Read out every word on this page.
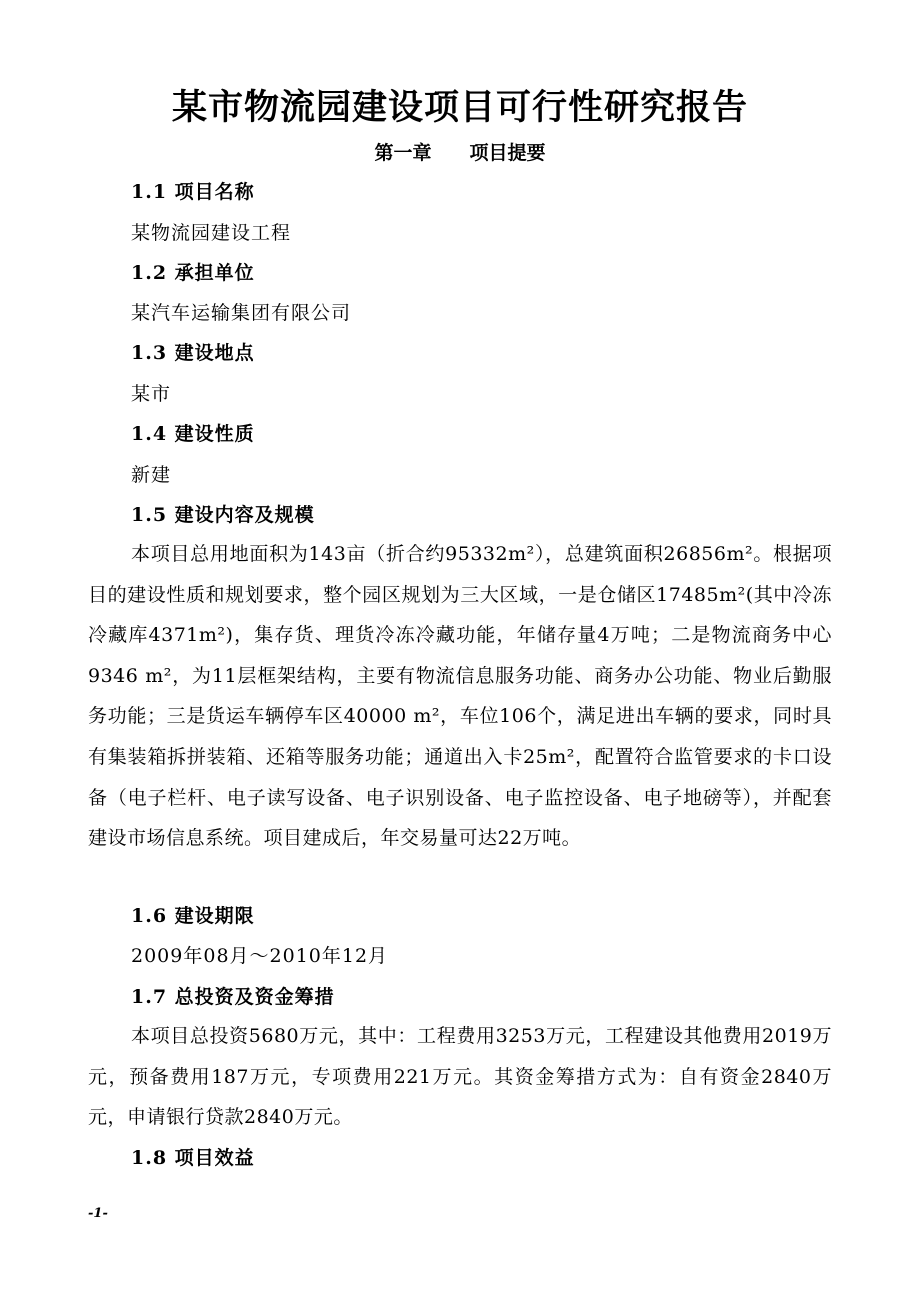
某市物流园建设项目可行性研究报告
第一章　　项目提要
1.1 项目名称
某物流园建设工程
1.2 承担单位
某汽车运输集团有限公司
1.3 建设地点
某市
1.4 建设性质
新建
1.5 建设内容及规模

本项目总用地面积为143亩（折合约95332m²），总建筑面积26856m²。根据项目的建设性质和规划要求，整个园区规划为三大区域，一是仓储区17485m²(其中冷冻冷藏库4371m²)，集存货、理货冷冻冷藏功能，年储存量4万吨；二是物流商务中心9346 m²，为11层框架结构，主要有物流信息服务功能、商务办公功能、物业后勤服务功能；三是货运车辆停车区40000 m²，车位106个，满足进出车辆的要求，同时具有集装箱拆拼装箱、还箱等服务功能；通道出入卡25m²，配置符合监管要求的卡口设备（电子栏杆、电子读写设备、电子识别设备、电子监控设备、电子地磅等），并配套建设市场信息系统。项目建成后，年交易量可达22万吨。

1.6 建设期限
2009年08月～2010年12月
1.7 总投资及资金筹措

本项目总投资5680万元，其中：工程费用3253万元，工程建设其他费用2019万元，预备费用187万元，专项费用221万元。其资金筹措方式为：自有资金2840万元，申请银行贷款2840万元。

1.8 项目效益
-1-
